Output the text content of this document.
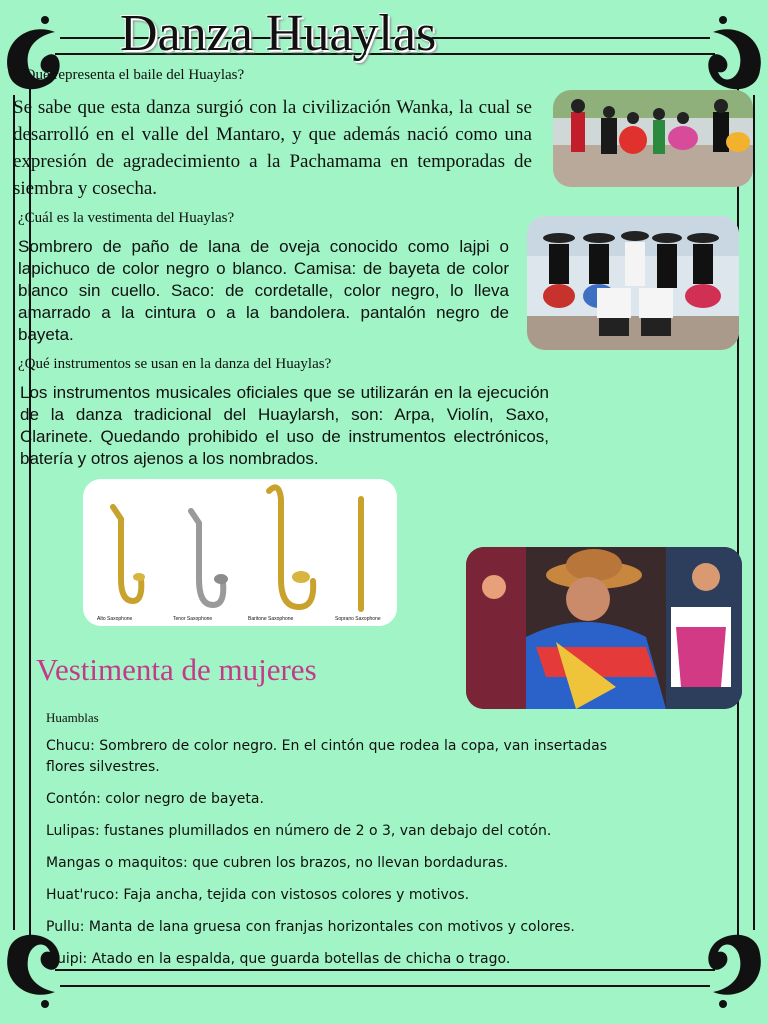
Danza Huaylas
¿Qué representa el baile del Huaylas?
Se sabe que esta danza surgió con la civilización Wanka, la cual se desarrolló en el valle del Mantaro, y que además nació como una expresión de agradecimiento a la Pachamama en temporadas de siembra y cosecha.
¿Cuál es la vestimenta del Huaylas?
Sombrero de paño de lana de oveja conocido como lajpi o lapichuco de color negro o blanco. Camisa: de bayeta de color blanco sin cuello. Saco: de cordetalle, color negro, lo lleva amarrado a la cintura o a la bandolera. pantalón negro de bayeta.
¿Qué instrumentos se usan en la danza del Huaylas?
Los instrumentos musicales oficiales que se utilizarán en la ejecución de la danza tradicional del Huaylarsh, son: Arpa, Violín, Saxo, Clarinete. Quedando prohibido el uso de instrumentos electrónicos, batería y otros ajenos a los nombrados.
Alto Saxophone	Tenor Saxophone	Baritone Saxophone	Soprano Saxophone
Vestimenta de mujeres
Huamblas
Chucu: Sombrero de color negro. En el cintón que rodea la copa, van insertadas flores silvestres.
Contón: color negro de bayeta.
Lulipas: fustanes plumillados en número de 2 o 3, van debajo del cotón.
Mangas o maquitos: que cubren los brazos, no llevan bordaduras.
Huat'ruco: Faja ancha, tejida con vistosos colores y motivos.
Pullu: Manta de lana gruesa con franjas horizontales con motivos y colores.
Quipi: Atado en la espalda, que guarda botellas de chicha o trago.
